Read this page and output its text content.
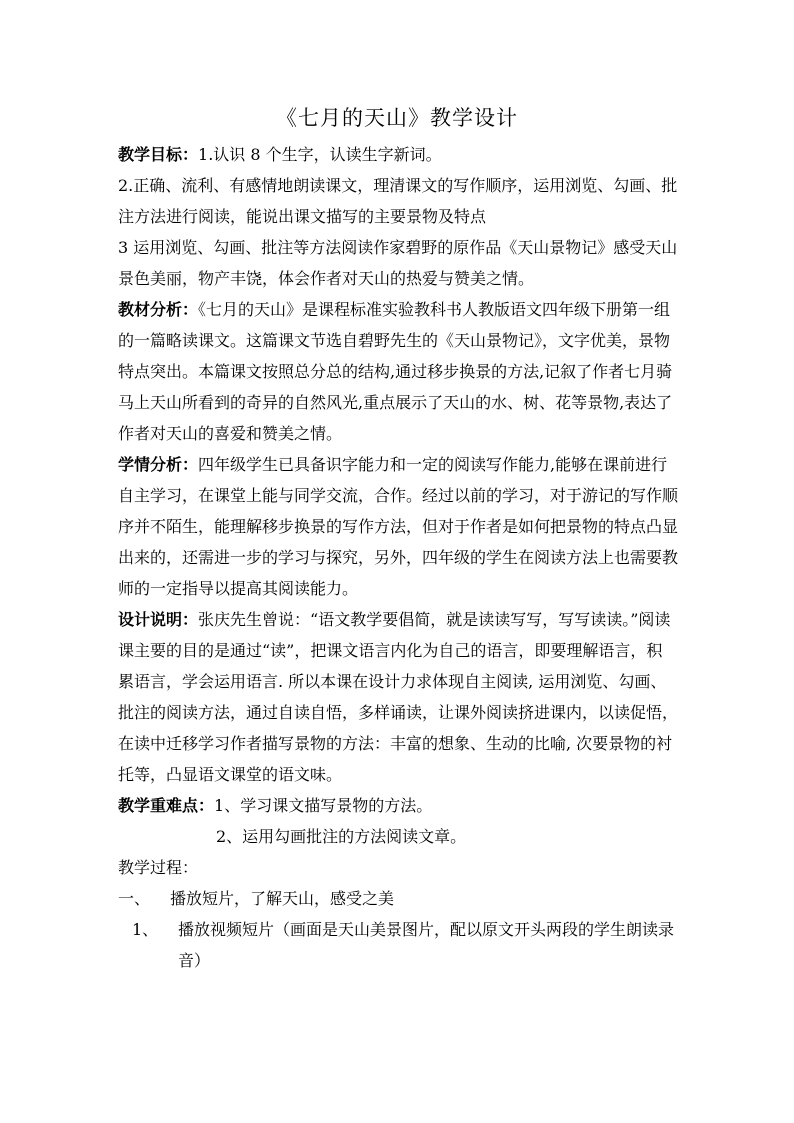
《七月的天山》教学设计

教学目标：1.认识 8 个生字，认读生字新词。

2.正确、流利、有感情地朗读课文，理清课文的写作顺序，运用浏览、勾画、批注方法进行阅读，能说出课文描写的主要景物及特点

3 运用浏览、勾画、批注等方法阅读作家碧野的原作品《天山景物记》感受天山景色美丽，物产丰饶，体会作者对天山的热爱与赞美之情。

教材分析：《七月的天山》是课程标准实验教科书人教版语文四年级下册第一组的一篇略读课文。这篇课文节选自碧野先生的《天山景物记》，文字优美，景物特点突出。本篇课文按照总分总的结构,通过移步换景的方法,记叙了作者七月骑马上天山所看到的奇异的自然风光,重点展示了天山的水、树、花等景物,表达了作者对天山的喜爱和赞美之情。

学情分析：四年级学生已具备识字能力和一定的阅读写作能力,能够在课前进行自主学习，在课堂上能与同学交流，合作。经过以前的学习，对于游记的写作顺序并不陌生，能理解移步换景的写作方法，但对于作者是如何把景物的特点凸显出来的，还需进一步的学习与探究，另外，四年级的学生在阅读方法上也需要教师的一定指导以提高其阅读能力。

设计说明：张庆先生曾说：“语文教学要倡简，就是读读写写，写写读读。”阅读课主要的目的是通过“读”，把课文语言内化为自己的语言，即要理解语言，积累语言，学会运用语言. 所以本课在设计力求体现自主阅读, 运用浏览、勾画、批注的阅读方法，通过自读自悟，多样诵读，让课外阅读挤进课内，以读促悟，在读中迁移学习作者描写景物的方法：丰富的想象、生动的比喻, 次要景物的衬托等，凸显语文课堂的语文味。

教学重难点：1、学习课文描写景物的方法。

2、运用勾画批注的方法阅读文章。

教学过程：

一、	播放短片，了解天山，感受之美

1、	播放视频短片（画面是天山美景图片，配以原文开头两段的学生朗读录音）
